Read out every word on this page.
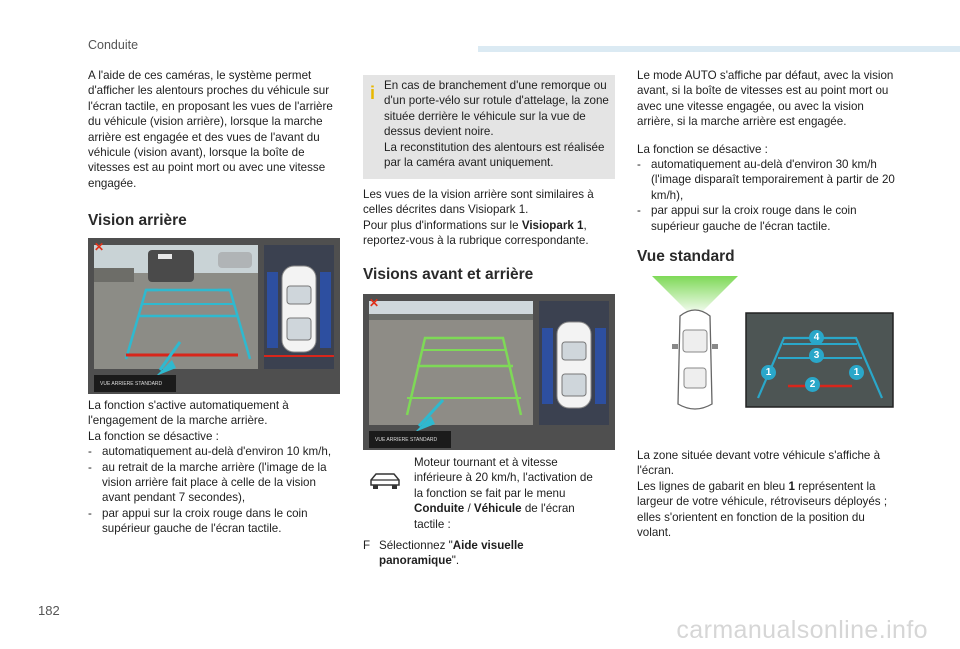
Conduite
A l'aide de ces caméras, le système permet d'afficher les alentours proches du véhicule sur l'écran tactile, en proposant les vues de l'arrière du véhicule (vision arrière), lorsque la marche arrière est engagée et des vues de l'avant du véhicule (vision avant), lorsque la boîte de vitesses est au point mort ou avec une vitesse engagée.
Vision arrière
✕
VUE ARRIERE STANDARD

La fonction s'active automatiquement à l'engagement de la marche arrière.

La fonction se désactive :

- automatiquement au-delà d'environ 10 km/h,
- au retrait de la marche arrière (l'image de la vision arrière fait place à celle de la vision avant pendant 7 secondes),
- par appui sur la croix rouge dans le coin supérieur gauche de l'écran tactile.
i En cas de branchement d'une remorque ou d'un porte-vélo sur rotule d'attelage, la zone située derrière le véhicule sur la vue de dessus devient noire.

La reconstitution des alentours est réalisée par la caméra avant uniquement.

Les vues de la vision arrière sont similaires à celles décrites dans Visiopark 1.

Pour plus d'informations sur le Visiopark 1,

reportez-vous à la rubrique correspondante.

Visions avant et arrière
✕
VUE ARRIERE STANDARD
Moteur tournant et à vitesse inférieure à 20 km/h, l'activation de la fonction se fait par le menu Conduite / Véhicule de l'écran tactile :
F Sélectionnez "Aide visuelle panoramique".

Le mode AUTO s'affiche par défaut, avec la vision avant, si la boîte de vitesses est au point mort ou avec une vitesse engagée, ou avec la vision arrière, si la marche arrière est engagée.

La fonction se désactive :

- automatiquement au-delà d'environ 30 km/h (l'image disparaît temporairement à partir de 20 km/h),
- par appui sur la croix rouge dans le coin supérieur gauche de l'écran tactile.
Vue standard
4
3
1
2
1

La zone située devant votre véhicule s'affiche à l'écran.

Les lignes de gabarit en bleu 1 représentent la largeur de votre véhicule, rétroviseurs déployés ; elles s'orientent en fonction de la position du volant.

182
carmanualsonline.info
